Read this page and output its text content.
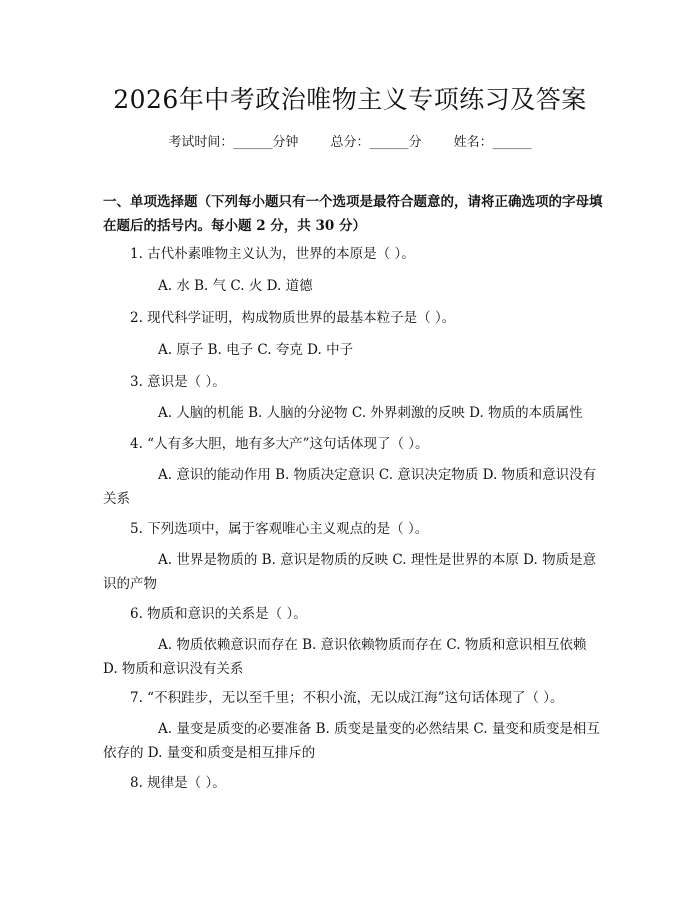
2026年中考政治唯物主义专项练习及答案
考试时间：______分钟 总分：______分 姓名：______

一、单项选择题（下列每小题只有一个选项是最符合题意的，请将正确选项的字母填在题后的括号内。每小题 2 分，共 30 分）

1. 古代朴素唯物主义认为，世界的本原是（ ）。
A. 水 B. 气 C. 火 D. 道德
2. 现代科学证明，构成物质世界的最基本粒子是（ ）。
A. 原子 B. 电子 C. 夸克 D. 中子
3. 意识是（ ）。
A. 人脑的机能 B. 人脑的分泌物 C. 外界刺激的反映 D. 物质的本质属性
4. “人有多大胆，地有多大产”这句话体现了（ ）。
A. 意识的能动作用 B. 物质决定意识 C. 意识决定物质 D. 物质和意识没有关系
5. 下列选项中，属于客观唯心主义观点的是（ ）。
A. 世界是物质的 B. 意识是物质的反映 C. 理性是世界的本原 D. 物质是意识的产物
6. 物质和意识的关系是（ ）。
A. 物质依赖意识而存在 B. 意识依赖物质而存在 C. 物质和意识相互依赖 D. 物质和意识没有关系
7. “不积跬步，无以至千里；不积小流，无以成江海”这句话体现了（ ）。
A. 量变是质变的必要准备 B. 质变是量变的必然结果 C. 量变和质变是相互依存的 D. 量变和质变是相互排斥的
8. 规律是（ ）。
